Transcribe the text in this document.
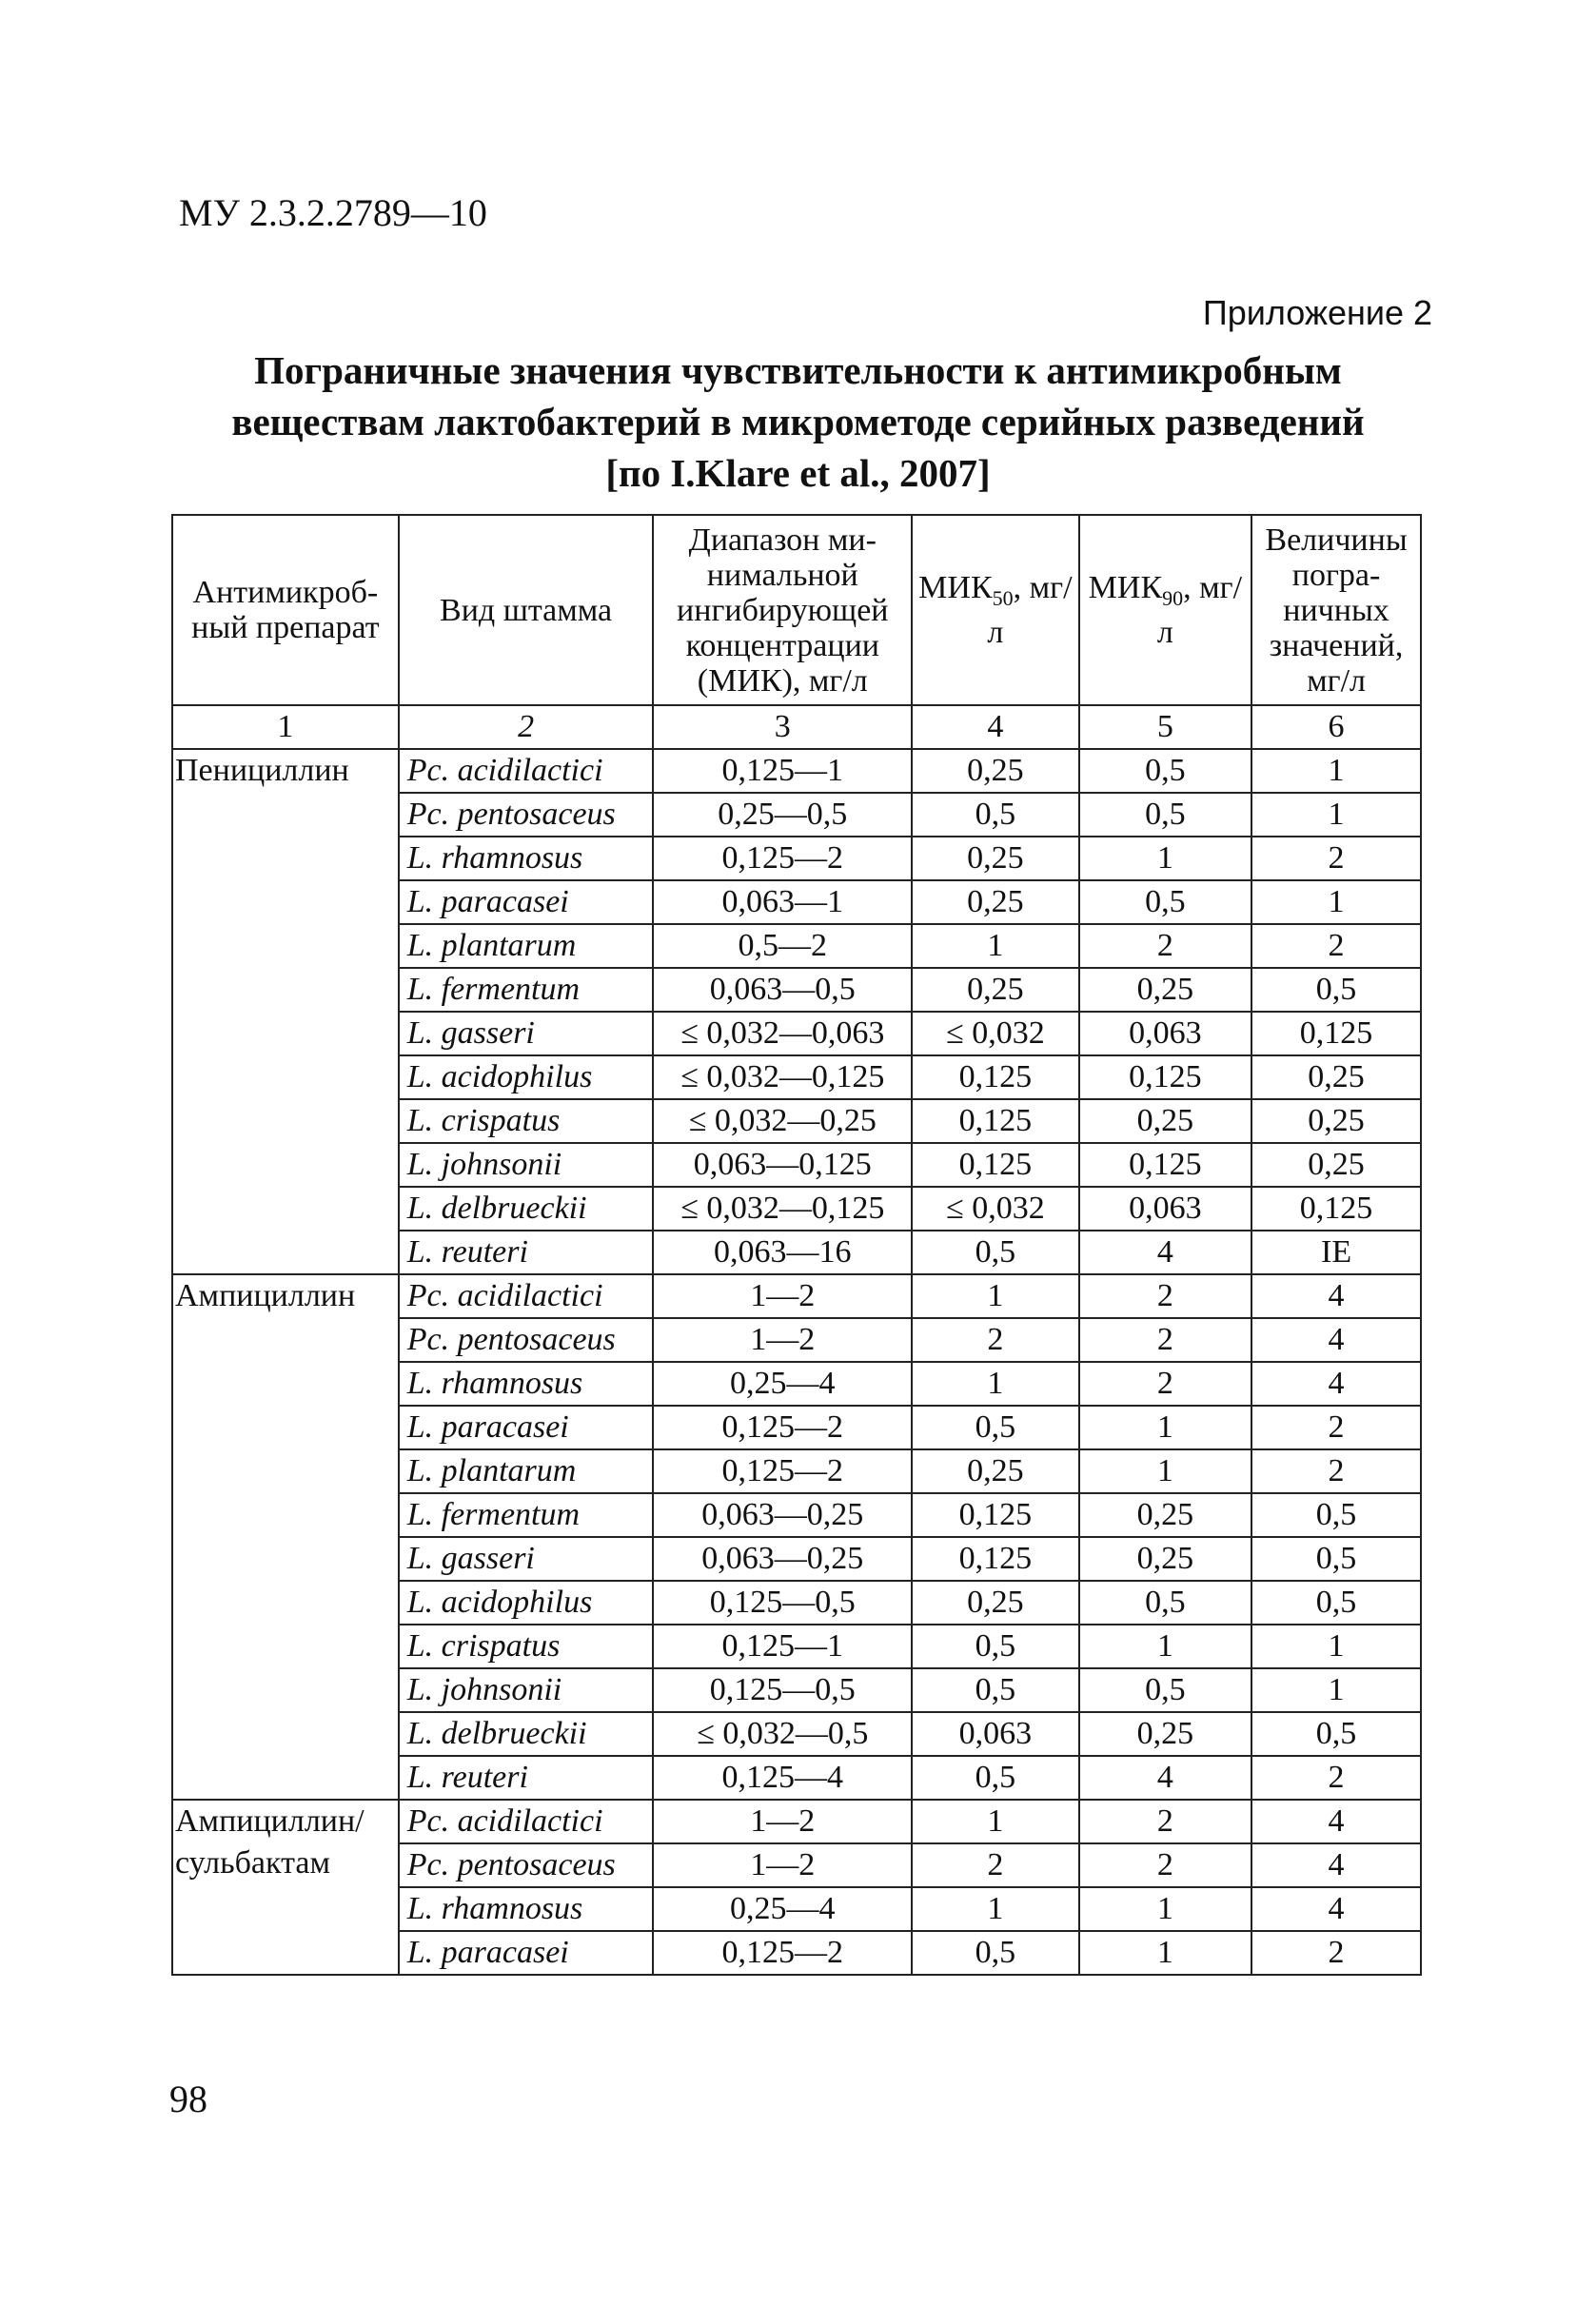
МУ 2.3.2.2789—10
Приложение 2
Пограничные значения чувствительности к антимикробным
веществам лактобактерий в микрометоде серийных разведений
[по I.Klare et al., 2007]
Антимикроб-ный препарат	Вид штамма	Диапазон ми-нимальной ингибирующей концентрации (МИК), мг/л	$МИК_{50}$, мг/л	$МИК_{90}$, мг/л	Величины погра-ничных значений, мг/л
1	2	3	4	5	6
Пенициллин	Pc. acidilactici	0,125—1	0,25	0,5	1
	Pc. pentosaceus	0,25—0,5	0,5	0,5	1
	L. rhamnosus	0,125—2	0,25	1	2
	L. paracasei	0,063—1	0,25	0,5	1
	L. plantarum	0,5—2	1	2	2
	L. fermentum	0,063—0,5	0,25	0,25	0,5
	L. gasseri	≤ 0,032—0,063	≤ 0,032	0,063	0,125
	L. acidophilus	≤ 0,032—0,125	0,125	0,125	0,25
	L. crispatus	≤ 0,032—0,25	0,125	0,25	0,25
	L. johnsonii	0,063—0,125	0,125	0,125	0,25
	L. delbrueckii	≤ 0,032—0,125	≤ 0,032	0,063	0,125
	L. reuteri	0,063—16	0,5	4	IE
Ампициллин	Pc. acidilactici	1—2	1	2	4
	Pc. pentosaceus	1—2	2	2	4
	L. rhamnosus	0,25—4	1	2	4
	L. paracasei	0,125—2	0,5	1	2
	L. plantarum	0,125—2	0,25	1	2
	L. fermentum	0,063—0,25	0,125	0,25	0,5
	L. gasseri	0,063—0,25	0,125	0,25	0,5
	L. acidophilus	0,125—0,5	0,25	0,5	0,5
	L. crispatus	0,125—1	0,5	1	1
	L. johnsonii	0,125—0,5	0,5	0,5	1
	L. delbrueckii	≤ 0,032—0,5	0,063	0,25	0,5
	L. reuteri	0,125—4	0,5	4	2
Ампициллин/ сульбактам	Pc. acidilactici	1—2	1	2	4
	Pc. pentosaceus	1—2	2	2	4
	L. rhamnosus	0,25—4	1	1	4
	L. paracasei	0,125—2	0,5	1	2
98
